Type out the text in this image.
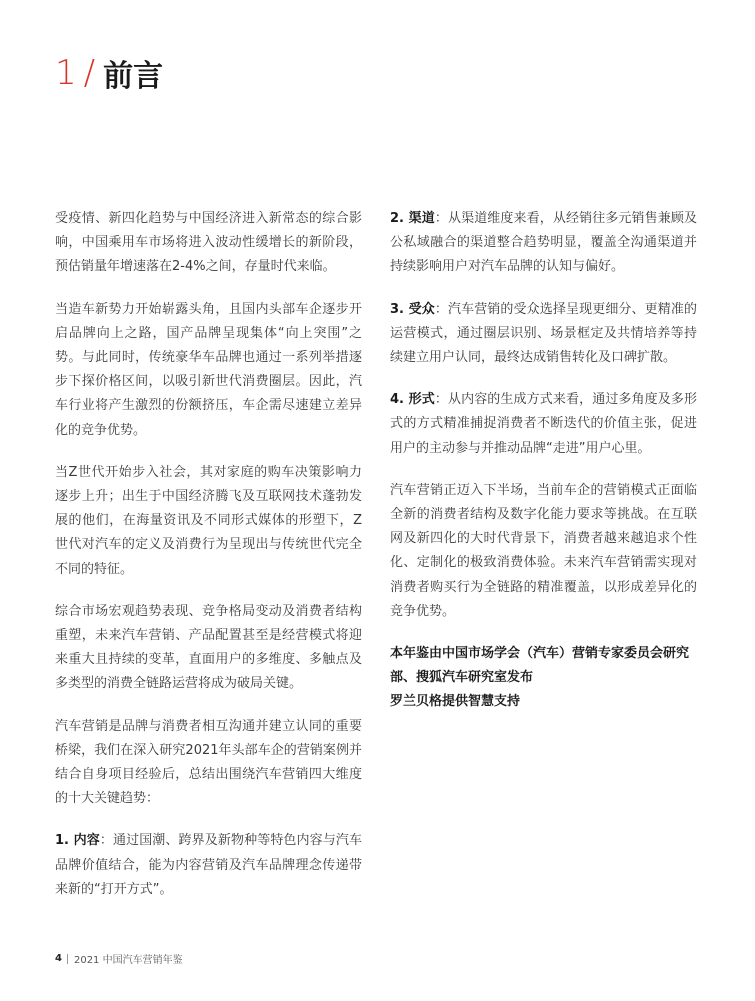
1 / 前言

受疫情、新四化趋势与中国经济进入新常态的综合影响，中国乘用车市场将进入波动性缓增长的新阶段，预估销量年增速落在2-4%之间，存量时代来临。

当造车新势力开始崭露头角，且国内头部车企逐步开启品牌向上之路，国产品牌呈现集体“向上突围”之势。与此同时，传统豪华车品牌也通过一系列举措逐步下探价格区间，以吸引新世代消费圈层。因此，汽车行业将产生激烈的份额挤压，车企需尽速建立差异化的竞争优势。

当Z世代开始步入社会，其对家庭的购车决策影响力逐步上升；出生于中国经济腾飞及互联网技术蓬勃发展的他们，在海量资讯及不同形式媒体的形塑下，Z世代对汽车的定义及消费行为呈现出与传统世代完全不同的特征。

综合市场宏观趋势表现、竞争格局变动及消费者结构重塑，未来汽车营销、产品配置甚至是经营模式将迎来重大且持续的变革，直面用户的多维度、多触点及多类型的消费全链路运营将成为破局关键。

汽车营销是品牌与消费者相互沟通并建立认同的重要桥梁，我们在深入研究2021年头部车企的营销案例并结合自身项目经验后，总结出围绕汽车营销四大维度的十大关键趋势：

1. 内容：通过国潮、跨界及新物种等特色内容与汽车品牌价值结合，能为内容营销及汽车品牌理念传递带来新的“打开方式”。

2. 渠道：从渠道维度来看，从经销往多元销售兼顾及公私域融合的渠道整合趋势明显，覆盖全沟通渠道并持续影响用户对汽车品牌的认知与偏好。

3. 受众：汽车营销的受众选择呈现更细分、更精准的运营模式，通过圈层识别、场景框定及共情培养等持续建立用户认同，最终达成销售转化及口碑扩散。

4. 形式：从内容的生成方式来看，通过多角度及多形式的方式精准捕捉消费者不断迭代的价值主张，促进用户的主动参与并推动品牌“走进”用户心里。

汽车营销正迈入下半场，当前车企的营销模式正面临全新的消费者结构及数字化能力要求等挑战。在互联网及新四化的大时代背景下，消费者越来越追求个性化、定制化的极致消费体验。未来汽车营销需实现对消费者购买行为全链路的精准覆盖，以形成差异化的竞争优势。

本年鉴由中国市场学会（汽车）营销专家委员会研究部、搜狐汽车研究室发布
罗兰贝格提供智慧支持
4 2021 中国汽车营销年鉴
